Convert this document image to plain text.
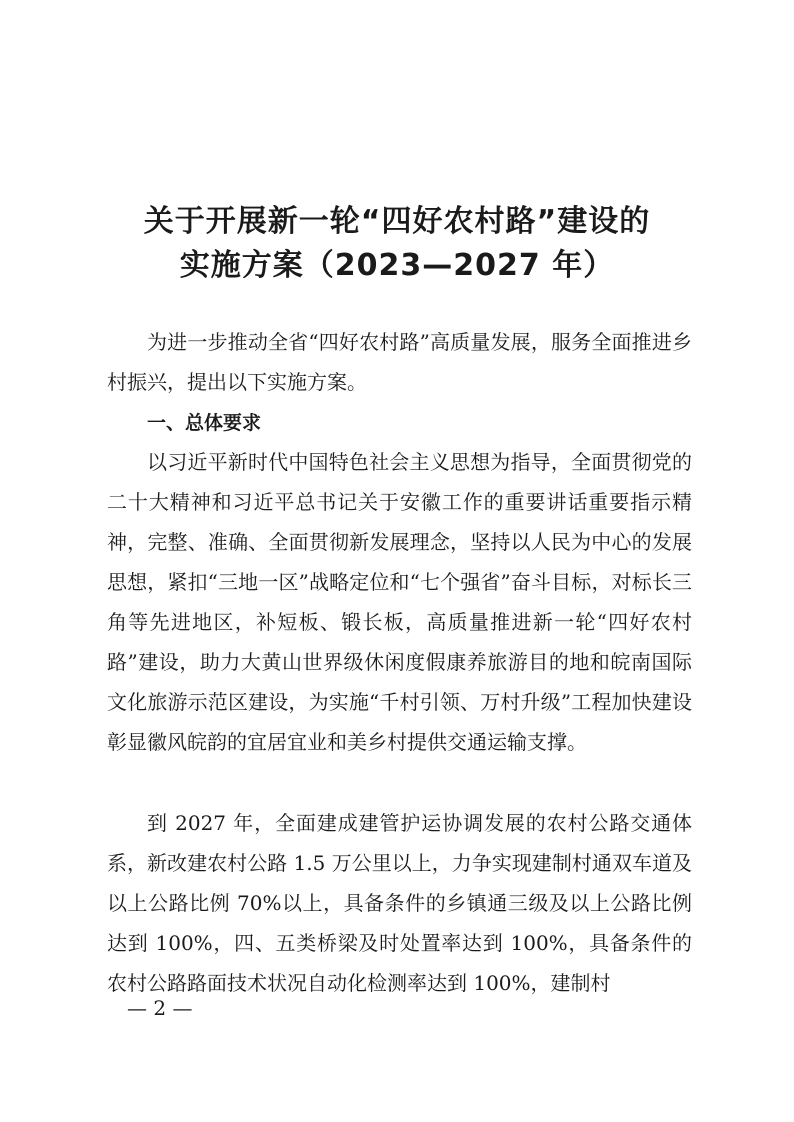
关于开展新一轮“四好农村路”建设的
实施方案（2023—2027 年）

为进一步推动全省“四好农村路”高质量发展，服务全面推进乡村振兴，提出以下实施方案。

一、总体要求

以习近平新时代中国特色社会主义思想为指导，全面贯彻党的二十大精神和习近平总书记关于安徽工作的重要讲话重要指示精神，完整、准确、全面贯彻新发展理念，坚持以人民为中心的发展思想，紧扣“三地一区”战略定位和“七个强省”奋斗目标，对标长三角等先进地区，补短板、锻长板，高质量推进新一轮“四好农村路”建设，助力大黄山世界级休闲度假康养旅游目的地和皖南国际文化旅游示范区建设，为实施“千村引领、万村升级”工程加快建设彰显徽风皖韵的宜居宜业和美乡村提供交通运输支撑。

到 2027 年，全面建成建管护运协调发展的农村公路交通体系，新改建农村公路 1.5 万公里以上，力争实现建制村通双车道及以上公路比例 70%以上，具备条件的乡镇通三级及以上公路比例达到 100%，四、五类桥梁及时处置率达到 100%，具备条件的农村公路路面技术状况自动化检测率达到 100%，建制村

— 2 —
